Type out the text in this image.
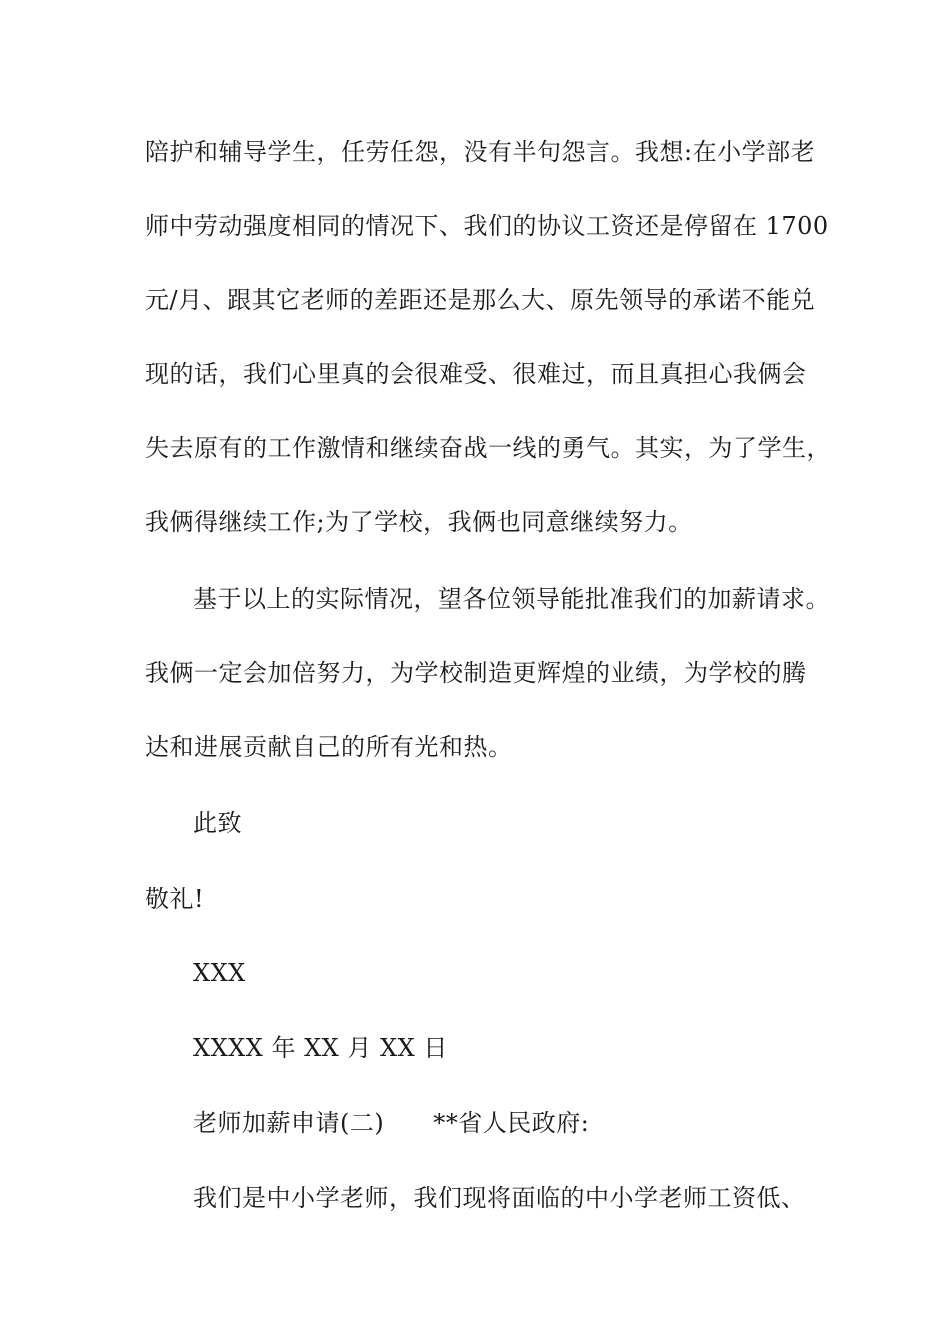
陪护和辅导学生，任劳任怨，没有半句怨言。我想:在小学部老
师中劳动强度相同的情况下、我们的协议工资还是停留在 1700
元/月、跟其它老师的差距还是那么大、原先领导的承诺不能兑
现的话，我们心里真的会很难受、很难过，而且真担心我俩会
失去原有的工作激情和继续奋战一线的勇气。其实，为了学生，
我俩得继续工作;为了学校，我俩也同意继续努力。
基于以上的实际情况，望各位领导能批准我们的加薪请求。
我俩一定会加倍努力，为学校制造更辉煌的业绩，为学校的腾
达和进展贡献自己的所有光和热。
此致
敬礼!
XXX
XXXX 年 XX 月 XX 日
老师加薪申请(二)　　**省人民政府:
我们是中小学老师，我们现将面临的中小学老师工资低、
